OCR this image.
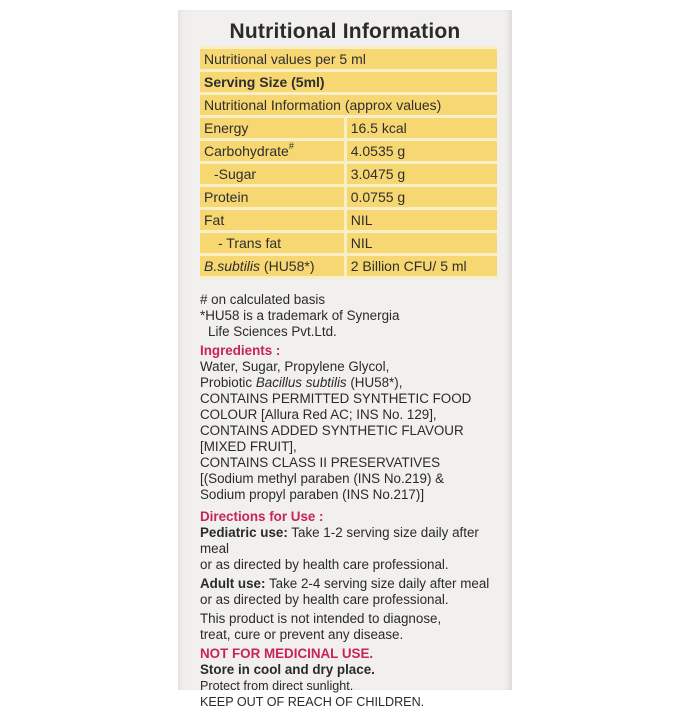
Nutritional Information
Nutritional values per 5 ml	
Serving Size (5ml)	
Nutritional Information (approx values)	
Energy	16.5 kcal
Carbohydrate#	4.0535 g
-Sugar	3.0475 g
Protein	0.0755 g
Fat	NIL
- Trans fat	NIL
B.subtilis (HU58*)	2 Billion CFU/ 5 ml

# on calculated basis

*HU58 is a trademark of Synergia

Life Sciences Pvt.Ltd.

Ingredients :

Water, Sugar, Propylene Glycol,

Probiotic Bacillus subtilis (HU58*),

CONTAINS PERMITTED SYNTHETIC FOOD

COLOUR [Allura Red AC; INS No. 129],

CONTAINS ADDED SYNTHETIC FLAVOUR

[MIXED FRUIT],

CONTAINS CLASS II PRESERVATIVES

[(Sodium methyl paraben (INS No.219) &

Sodium propyl paraben (INS No.217)]

Directions for Use :

Pediatric use: Take 1-2 serving size daily after meal

or as directed by health care professional.

Adult use: Take 2-4 serving size daily after meal

or as directed by health care professional.

This product is not intended to diagnose,

treat, cure or prevent any disease.

NOT FOR MEDICINAL USE.

Store in cool and dry place.

Protect from direct sunlight.

KEEP OUT OF REACH OF CHILDREN.
